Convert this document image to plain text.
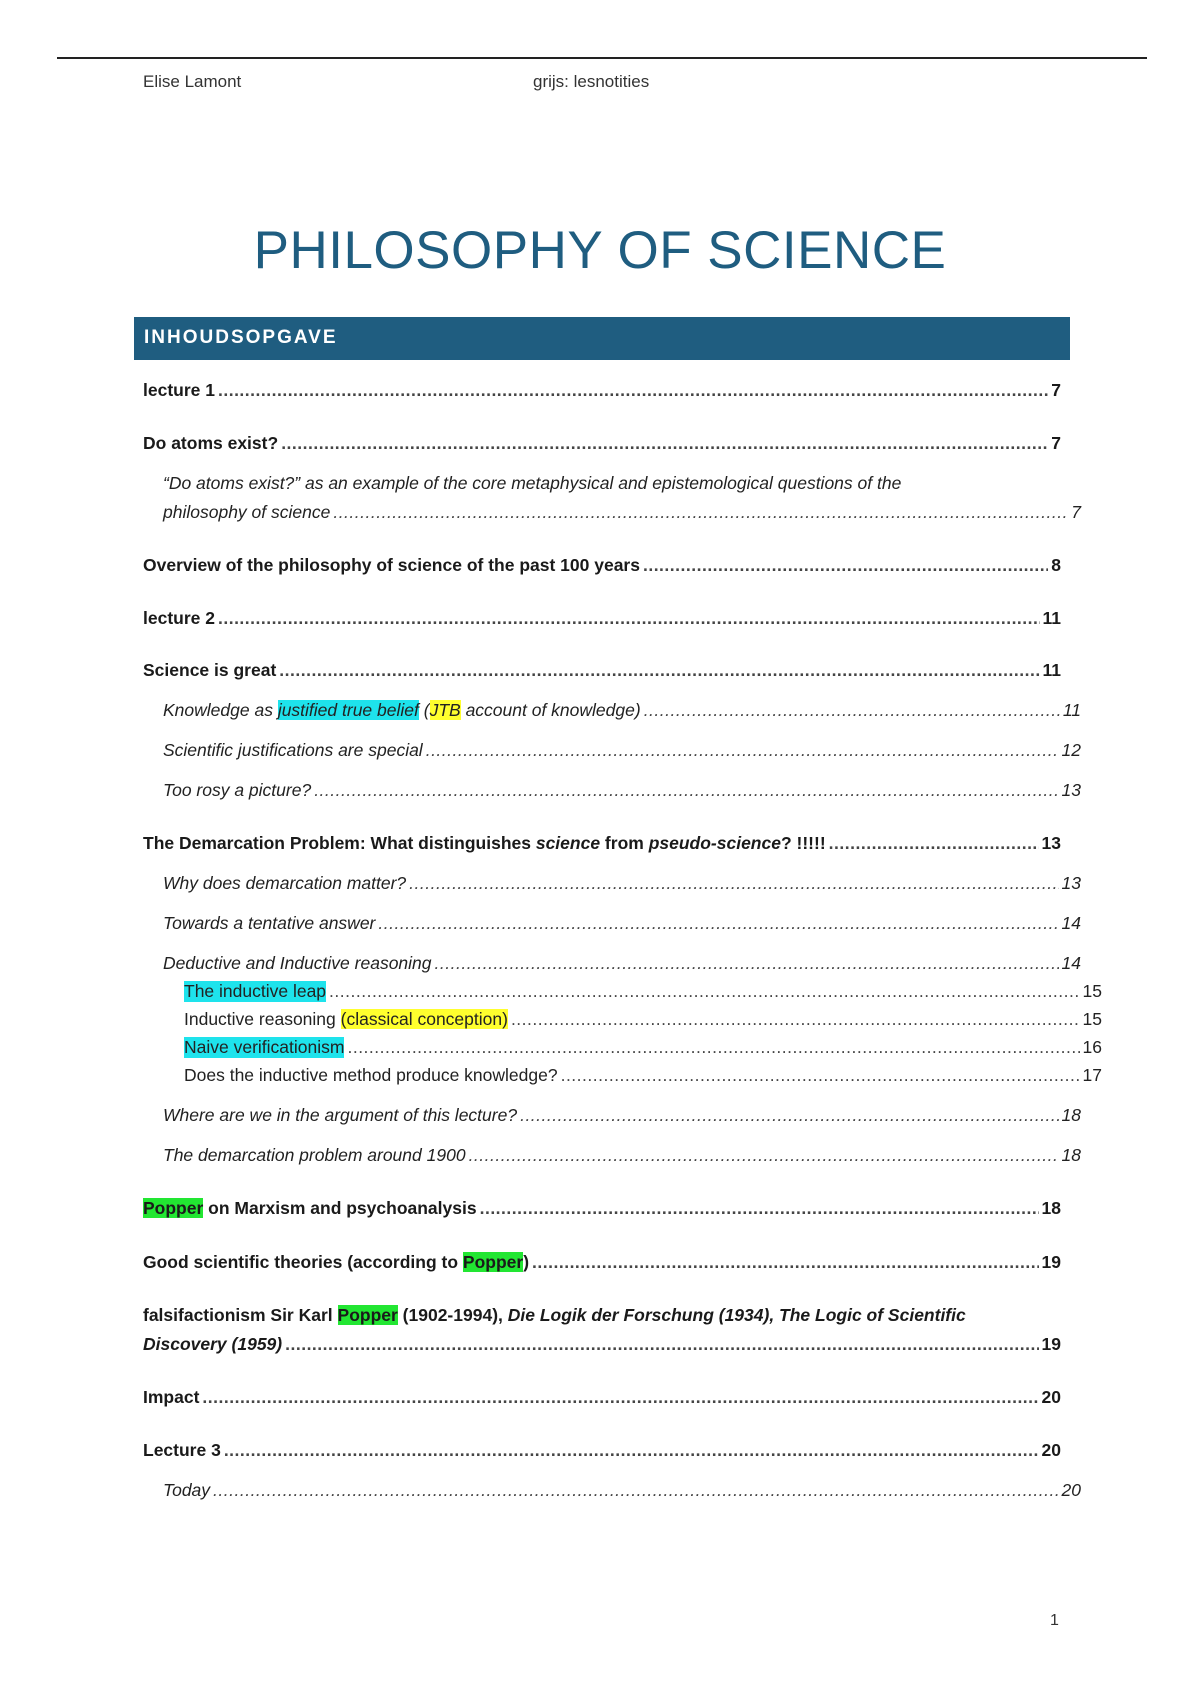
Elise Lamont	grijs: lesnotities
PHILOSOPHY OF SCIENCE
INHOUDSOPGAVE
lecture 1 .....	7
Do atoms exist? .....	7
“Do atoms exist?” as an example of the core metaphysical and epistemological questions of the
philosophy of science .....	7
Overview of the philosophy of science of the past 100 years .....	8
lecture 2 .....	11
Science is great .....	11
Knowledge as justified true belief (JTB account of knowledge) .....	11
Scientific justifications are special .....	12
Too rosy a picture? .....	13
The Demarcation Problem: What distinguishes science from pseudo-science? !!!!! .....	13
Why does demarcation matter? .....	13
Towards a tentative answer .....	14
Deductive and Inductive reasoning .....	14
The inductive leap .....	15
Inductive reasoning (classical conception) .....	15
Naive verificationism .....	16
Does the inductive method produce knowledge? .....	17
Where are we in the argument of this lecture? .....	18
The demarcation problem around 1900 .....	18
Popper on Marxism and psychoanalysis .....	18
Good scientific theories (according to Popper) .....	19
falsifactionism Sir Karl Popper (1902-1994), Die Logik der Forschung (1934), The Logic of Scientific
Discovery (1959) .....	19
Impact .....	20
Lecture 3 .....	20
Today .....	20
1
